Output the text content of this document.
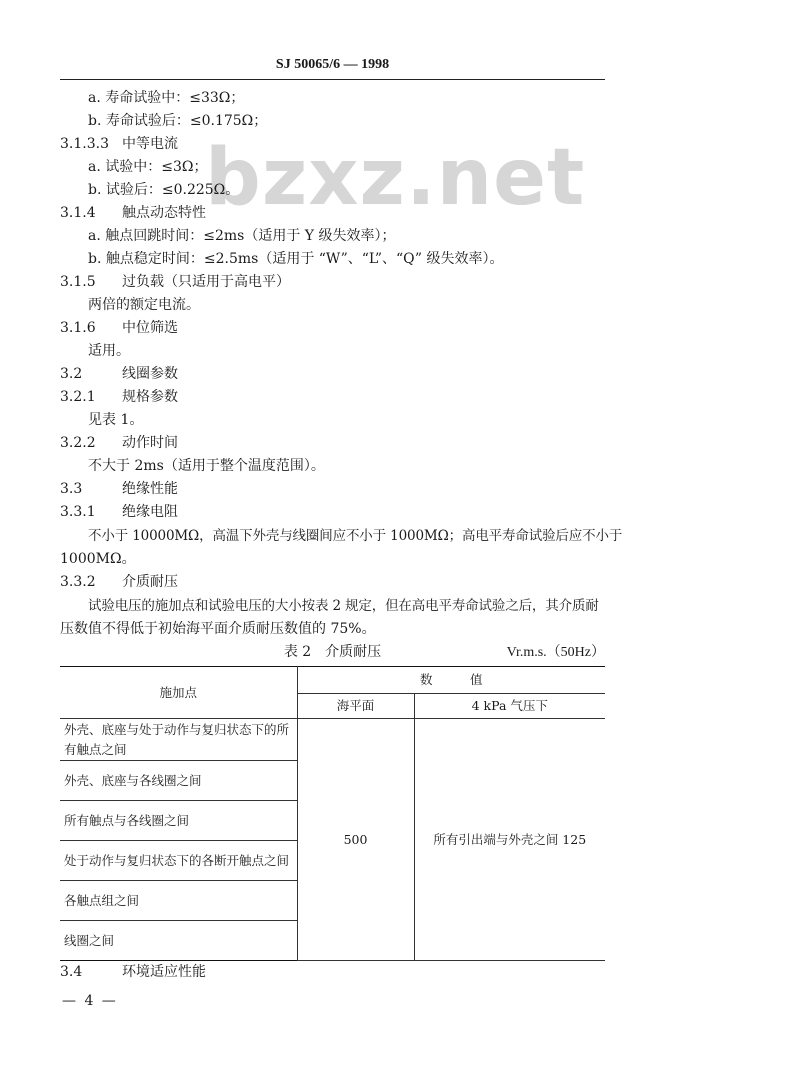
SJ 50065/6 — 1998
bzxz.net
a. 寿命试验中：≤33Ω；
b. 寿命试验后：≤0.175Ω；
3.1.3.3 中等电流
a. 试验中：≤3Ω；
b. 试验后：≤0.225Ω。
3.1.4 触点动态特性
a. 触点回跳时间：≤2ms（适用于 Y 级失效率）；
b. 触点稳定时间：≤2.5ms（适用于 “W”、“L”、“Q” 级失效率）。
3.1.5 过负载（只适用于高电平）
两倍的额定电流。
3.1.6 中位筛选
适用。
3.2	线圈参数
3.2.1 规格参数
见表 1。
3.2.2 动作时间
不大于 2ms（适用于整个温度范围）。
3.3	绝缘性能
3.3.1 绝缘电阻
不小于 10000MΩ，高温下外壳与线圈间应不小于 1000MΩ；高电平寿命试验后应不小于
1000MΩ。
3.3.2 介质耐压
试验电压的施加点和试验电压的大小按表 2 规定，但在高电平寿命试验之后，其介质耐
压数值不得低于初始海平面介质耐压数值的 75%。
表 2　介质耐压	Vr.m.s.（50Hz）
施加点	数　　　值	
	海平面	4 kPa 气压下
外壳、底座与处于动作与复归状态下的所有触点之间	500	所有引出端与外壳之间 125
外壳、底座与各线圈之间		
所有触点与各线圈之间		
处于动作与复归状态下的各断开触点之间		
各触点组之间		
线圈之间		
3.4	环境适应性能
— 4 —
